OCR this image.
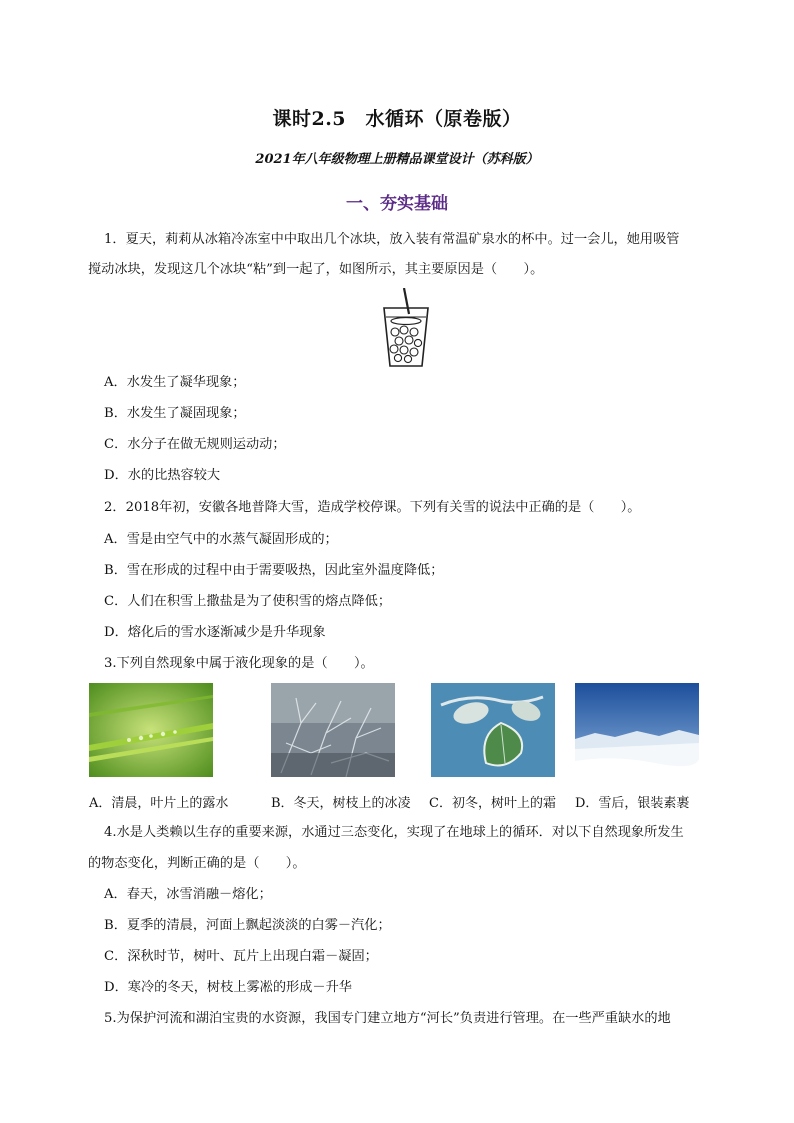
课时2.5　水循环（原卷版）
2021年八年级物理上册精品课堂设计（苏科版）
一、夯实基础
1．夏天，莉莉从冰箱冷冻室中中取出几个冰块，放入装有常温矿泉水的杯中。过一会儿，她用吸管
搅动冰块，发现这几个冰块“粘”到一起了，如图所示，其主要原因是（　　）。
A．水发生了凝华现象；
B．水发生了凝固现象；
C．水分子在做无规则运动动；
D．水的比热容较大
2．2018年初，安徽各地普降大雪，造成学校停课。下列有关雪的说法中正确的是（　　）。
A．雪是由空气中的水蒸气凝固形成的；
B．雪在形成的过程中由于需要吸热，因此室外温度降低；
C．人们在积雪上撒盐是为了使积雪的熔点降低；
D．熔化后的雪水逐渐减少是升华现象
3.下列自然现象中属于液化现象的是（　　）。
A．清晨，叶片上的露水	B．冬天，树枝上的冰凌 C．初冬，树叶上的霜 D．雪后，银装素裹
4.水是人类赖以生存的重要来源，水通过三态变化，实现了在地球上的循环．对以下自然现象所发生
的物态变化，判断正确的是（　　）。
A．春天，冰雪消融－熔化；
B．夏季的清晨，河面上飘起淡淡的白雾－汽化；
C．深秋时节，树叶、瓦片上出现白霜－凝固；
D．寒冷的冬天，树枝上雾凇的形成－升华
5.为保护河流和湖泊宝贵的水资源，我国专门建立地方“河长”负责进行管理。在一些严重缺水的地
